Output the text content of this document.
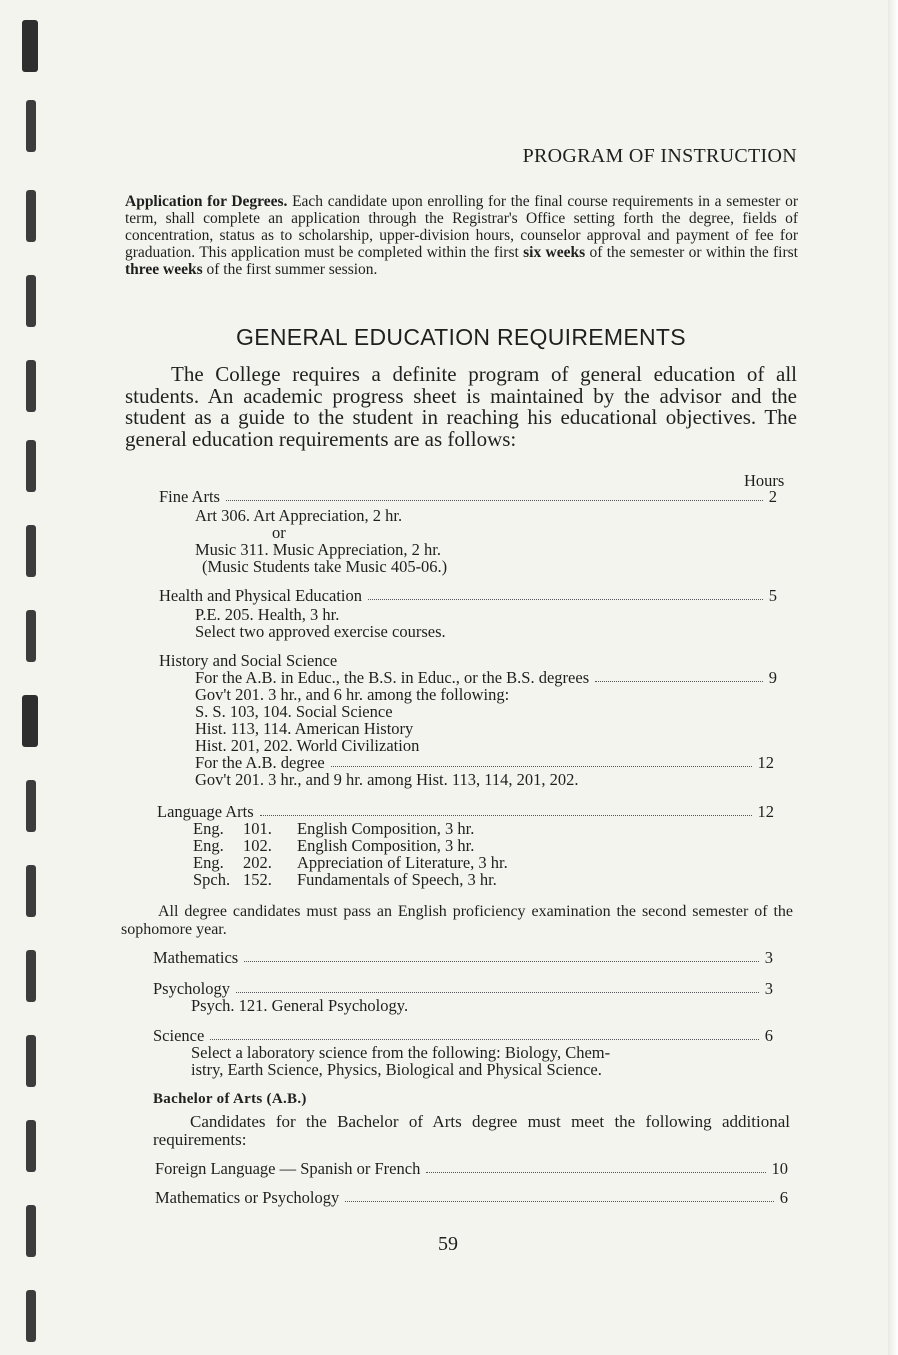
PROGRAM OF INSTRUCTION
Application for Degrees. Each candidate upon enrolling for the final course requirements in a semester or term, shall complete an application through the Registrar's Office setting forth the degree, fields of concentration, status as to scholarship, upper-division hours, counselor approval and payment of fee for graduation. This application must be completed within the first six weeks of the semester or within the first three weeks of the first summer session.
GENERAL EDUCATION REQUIREMENTS
The College requires a definite program of general education of all students. An academic progress sheet is maintained by the advisor and the student as a guide to the student in reaching his educational objectives. The general education requirements are as follows:
Hours
Fine Arts	2
Art 306. Art Appreciation, 2 hr.
or
Music 311. Music Appreciation, 2 hr.
(Music Students take Music 405-06.)
Health and Physical Education	5
P.E. 205. Health, 3 hr.
Select two approved exercise courses.
History and Social Science
For the A.B. in Educ., the B.S. in Educ., or the B.S. degrees	9
Gov't 201. 3 hr., and 6 hr. among the following:
S. S. 103, 104. Social Science
Hist. 113, 114. American History
Hist. 201, 202. World Civilization
For the A.B. degree	12
Gov't 201. 3 hr., and 9 hr. among Hist. 113, 114, 201, 202.
Language Arts	12
Eng.	101.	English Composition, 3 hr.
Eng.	102.	English Composition, 3 hr.
Eng.	202.	Appreciation of Literature, 3 hr.
Spch. 152.	Fundamentals of Speech, 3 hr.
All degree candidates must pass an English proficiency examination the second semester of the sophomore year.
Mathematics	3
Psychology	3
Psych. 121. General Psychology.
Science	6
Select a laboratory science from the following: Biology, Chem-
istry, Earth Science, Physics, Biological and Physical Science.
Bachelor of Arts (A.B.)
Candidates for the Bachelor of Arts degree must meet the following additional requirements:
Foreign Language — Spanish or French	10
Mathematics or Psychology	6
59
